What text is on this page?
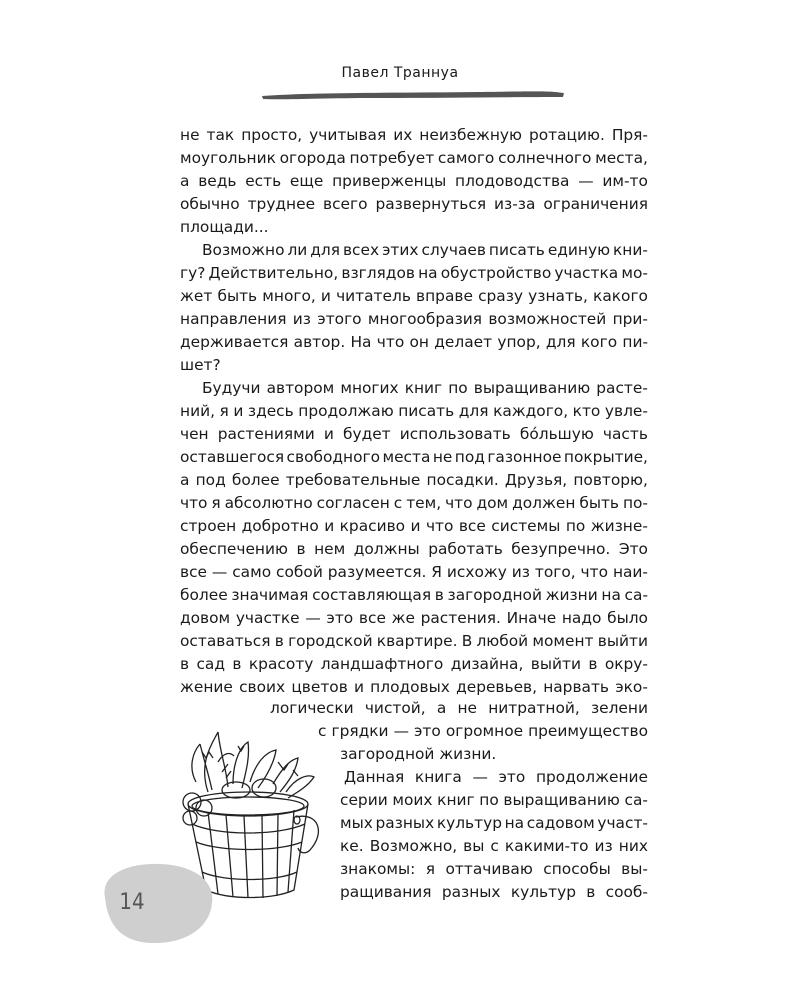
Павел Траннуа
не так просто, учитывая их неизбежную ротацию. Пря-
моугольник огорода потребует самого солнечного места,
а ведь есть еще приверженцы плодоводства — им-то
обычно труднее всего развернуться из-за ограничения
площади...
Возможно ли для всех этих случаев писать единую кни-
гу? Действительно, взглядов на обустройство участка мо-
жет быть много, и читатель вправе сразу узнать, какого
направления из этого многообразия возможностей при-
держивается автор. На что он делает упор, для кого пи-
шет?
Будучи автором многих книг по выращиванию расте-
ний, я и здесь продолжаю писать для каждого, кто увле-
чен растениями и будет использовать бóльшую часть
оставшегося свободного места не под газонное покрытие,
а под более требовательные посадки. Друзья, повторю,
что я абсолютно согласен с тем, что дом должен быть по-
строен добротно и красиво и что все системы по жизне-
обеспечению в нем должны работать безупречно. Это
все — само собой разумеется. Я исхожу из того, что наи-
более значимая составляющая в загородной жизни на са-
довом участке — это все же растения. Иначе надо было
оставаться в городской квартире. В любой момент выйти
в сад в красоту ландшафтного дизайна, выйти в окру-
жение своих цветов и плодовых деревьев, нарвать эко-
логически чистой, а не нитратной, зелени
с грядки — это огромное преимущество
загородной жизни.
Данная книга — это продолжение
серии моих книг по выращиванию са-
мых разных культур на садовом участ-
ке. Возможно, вы с какими-то из них
знакомы: я оттачиваю способы вы-
ращивания разных культур в сооб-
14
